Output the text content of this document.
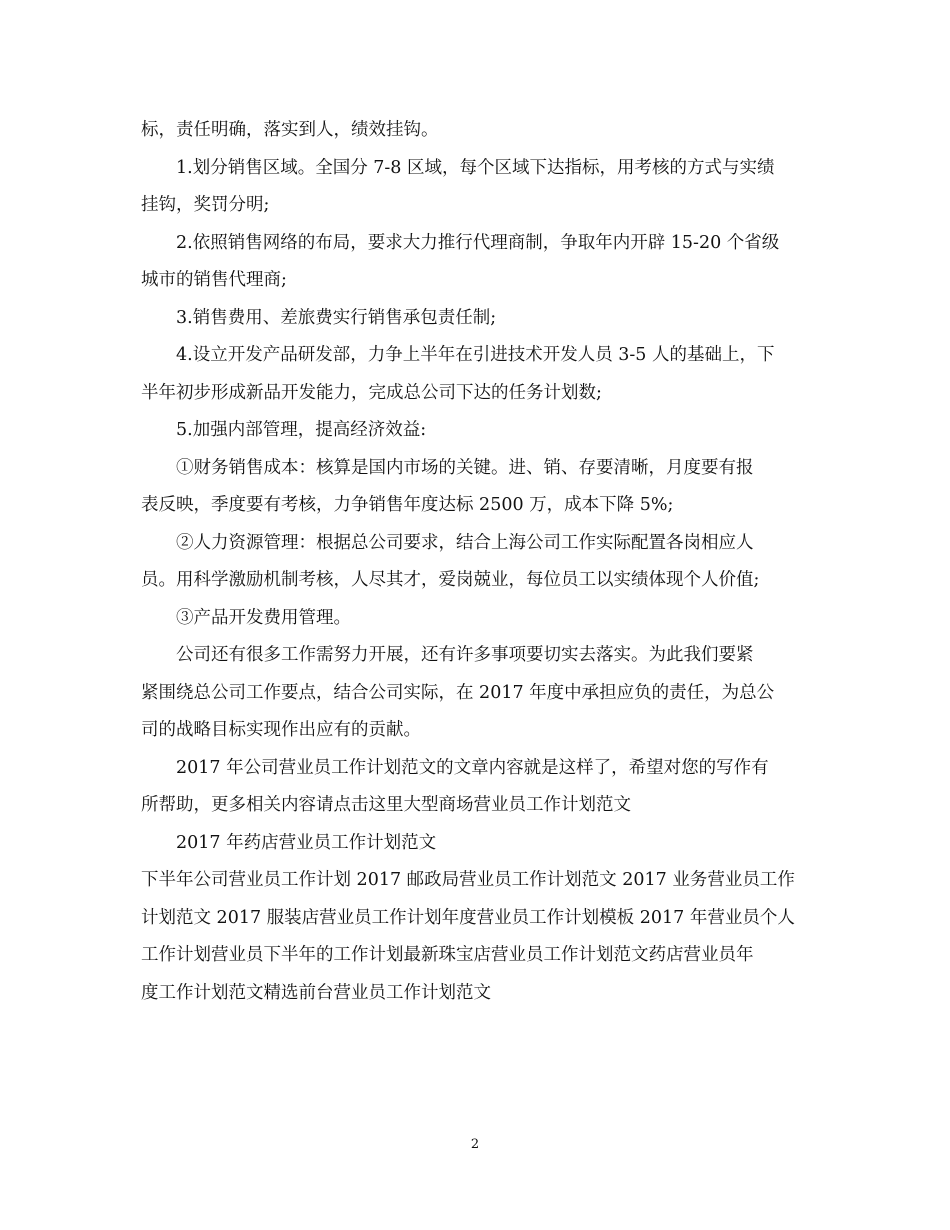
标，责任明确，落实到人，绩效挂钩。
1.划分销售区域。全国分 7-8 区域，每个区域下达指标，用考核的方式与实绩
挂钩，奖罚分明;
2.依照销售网络的布局，要求大力推行代理商制，争取年内开辟 15-20 个省级
城市的销售代理商;
3.销售费用、差旅费实行销售承包责任制;
4.设立开发产品研发部，力争上半年在引进技术开发人员 3-5 人的基础上，下
半年初步形成新品开发能力，完成总公司下达的任务计划数;
5.加强内部管理，提高经济效益:
①财务销售成本：核算是国内市场的关键。进、销、存要清晰，月度要有报
表反映，季度要有考核，力争销售年度达标 2500 万，成本下降 5%;
②人力资源管理：根据总公司要求，结合上海公司工作实际配置各岗相应人
员。用科学激励机制考核，人尽其才，爱岗兢业，每位员工以实绩体现个人价值;
③产品开发费用管理。
公司还有很多工作需努力开展，还有许多事项要切实去落实。为此我们要紧
紧围绕总公司工作要点，结合公司实际，在 2017 年度中承担应负的责任，为总公
司的战略目标实现作出应有的贡献。
2017 年公司营业员工作计划范文的文章内容就是这样了，希望对您的写作有
所帮助，更多相关内容请点击这里大型商场营业员工作计划范文
2017 年药店营业员工作计划范文
下半年公司营业员工作计划 2017 邮政局营业员工作计划范文 2017 业务营业员工作
计划范文 2017 服装店营业员工作计划年度营业员工作计划模板 2017 年营业员个人
工作计划营业员下半年的工作计划最新珠宝店营业员工作计划范文药店营业员年
度工作计划范文精选前台营业员工作计划范文
2
